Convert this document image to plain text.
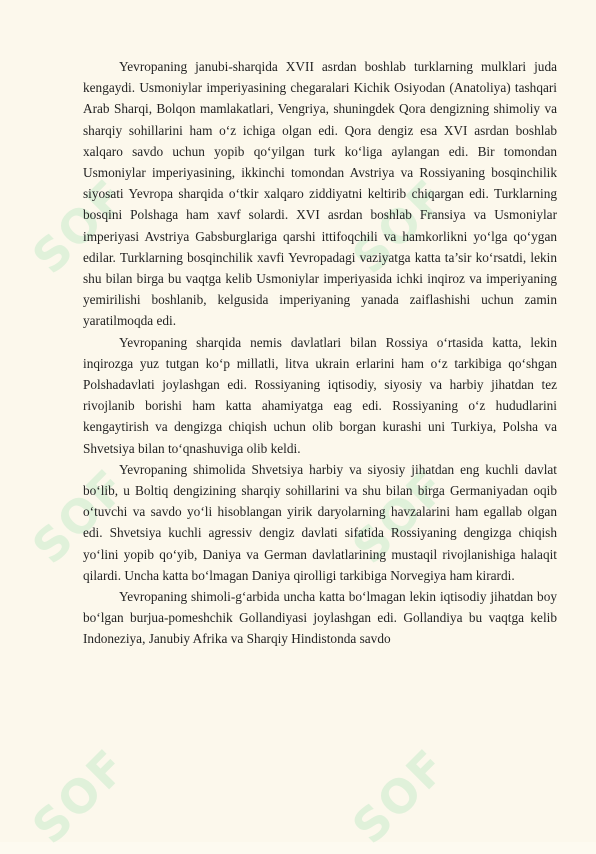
SOF	SOF
SOF	SOF
SOF	SOF

Yevropaning janubi-sharqida XVII asrdan boshlab turklarning mulklari juda kengaydi. Usmoniylar imperiyasining chegaralari Kichik Osiyodan (Anatoliya) tashqari Arab Sharqi, Bolqon mamlakatlari, Vengriya, shuningdek Qora dengizning shimoliy va sharqiy sohillarini ham o‘z ichiga olgan edi. Qora dengiz esa XVI asrdan boshlab xalqaro savdo uchun yopib qo‘yilgan turk ko‘liga aylangan edi. Bir tomondan Usmoniylar imperiyasining, ikkinchi tomondan Avstriya va Rossiyaning bosqinchilik siyosati Yevropa sharqida o‘tkir xalqaro ziddiyatni keltirib chiqargan edi. Turklarning bosqini Polshaga ham xavf solardi. XVI asrdan boshlab Fransiya va Usmoniylar imperiyasi Avstriya Gabsburglariga qarshi ittifoqchili va hamkorlikni yo‘lga qo‘ygan edilar. Turklarning bosqinchilik xavfi Yevropadagi vaziyatga katta ta’sir ko‘rsatdi, lekin shu bilan birga bu vaqtga kelib Usmoniylar imperiyasida ichki inqiroz va imperiyaning yemirilishi boshlanib, kelgusida imperiyaning yanada zaiflashishi uchun zamin yaratilmoqda edi.

Yevropaning sharqida nemis davlatlari bilan Rossiya o‘rtasida katta, lekin inqirozga yuz tutgan ko‘p millatli, litva ukrain erlarini ham o‘z tarkibiga qo‘shgan Polshadavlati joylashgan edi. Rossiyaning iqtisodiy, siyosiy va harbiy jihatdan tez rivojlanib borishi ham katta ahamiyatga eag edi. Rossiyaning o‘z hududlarini kengaytirish va dengizga chiqish uchun olib borgan kurashi uni Turkiya, Polsha va Shvetsiya bilan to‘qnashuviga olib keldi.

Yevropaning shimolida Shvetsiya harbiy va siyosiy jihatdan eng kuchli davlat bo‘lib, u Boltiq dengizining sharqiy sohillarini va shu bilan birga Germaniyadan oqib o‘tuvchi va savdo yo‘li hisoblangan yirik daryolarning havzalarini ham egallab olgan edi. Shvetsiya kuchli agressiv dengiz davlati sifatida Rossiyaning dengizga chiqish yo‘lini yopib qo‘yib, Daniya va German davlatlarining mustaqil rivojlanishiga halaqit qilardi. Uncha katta bo‘lmagan Daniya qirolligi tarkibiga Norvegiya ham kirardi.

Yevropaning shimoli-g‘arbida uncha katta bo‘lmagan lekin iqtisodiy jihatdan boy bo‘lgan burjua-pomeshchik Gollandiyasi joylashgan edi. Gollandiya bu vaqtga kelib Indoneziya, Janubiy Afrika va Sharqiy Hindistonda savdo
